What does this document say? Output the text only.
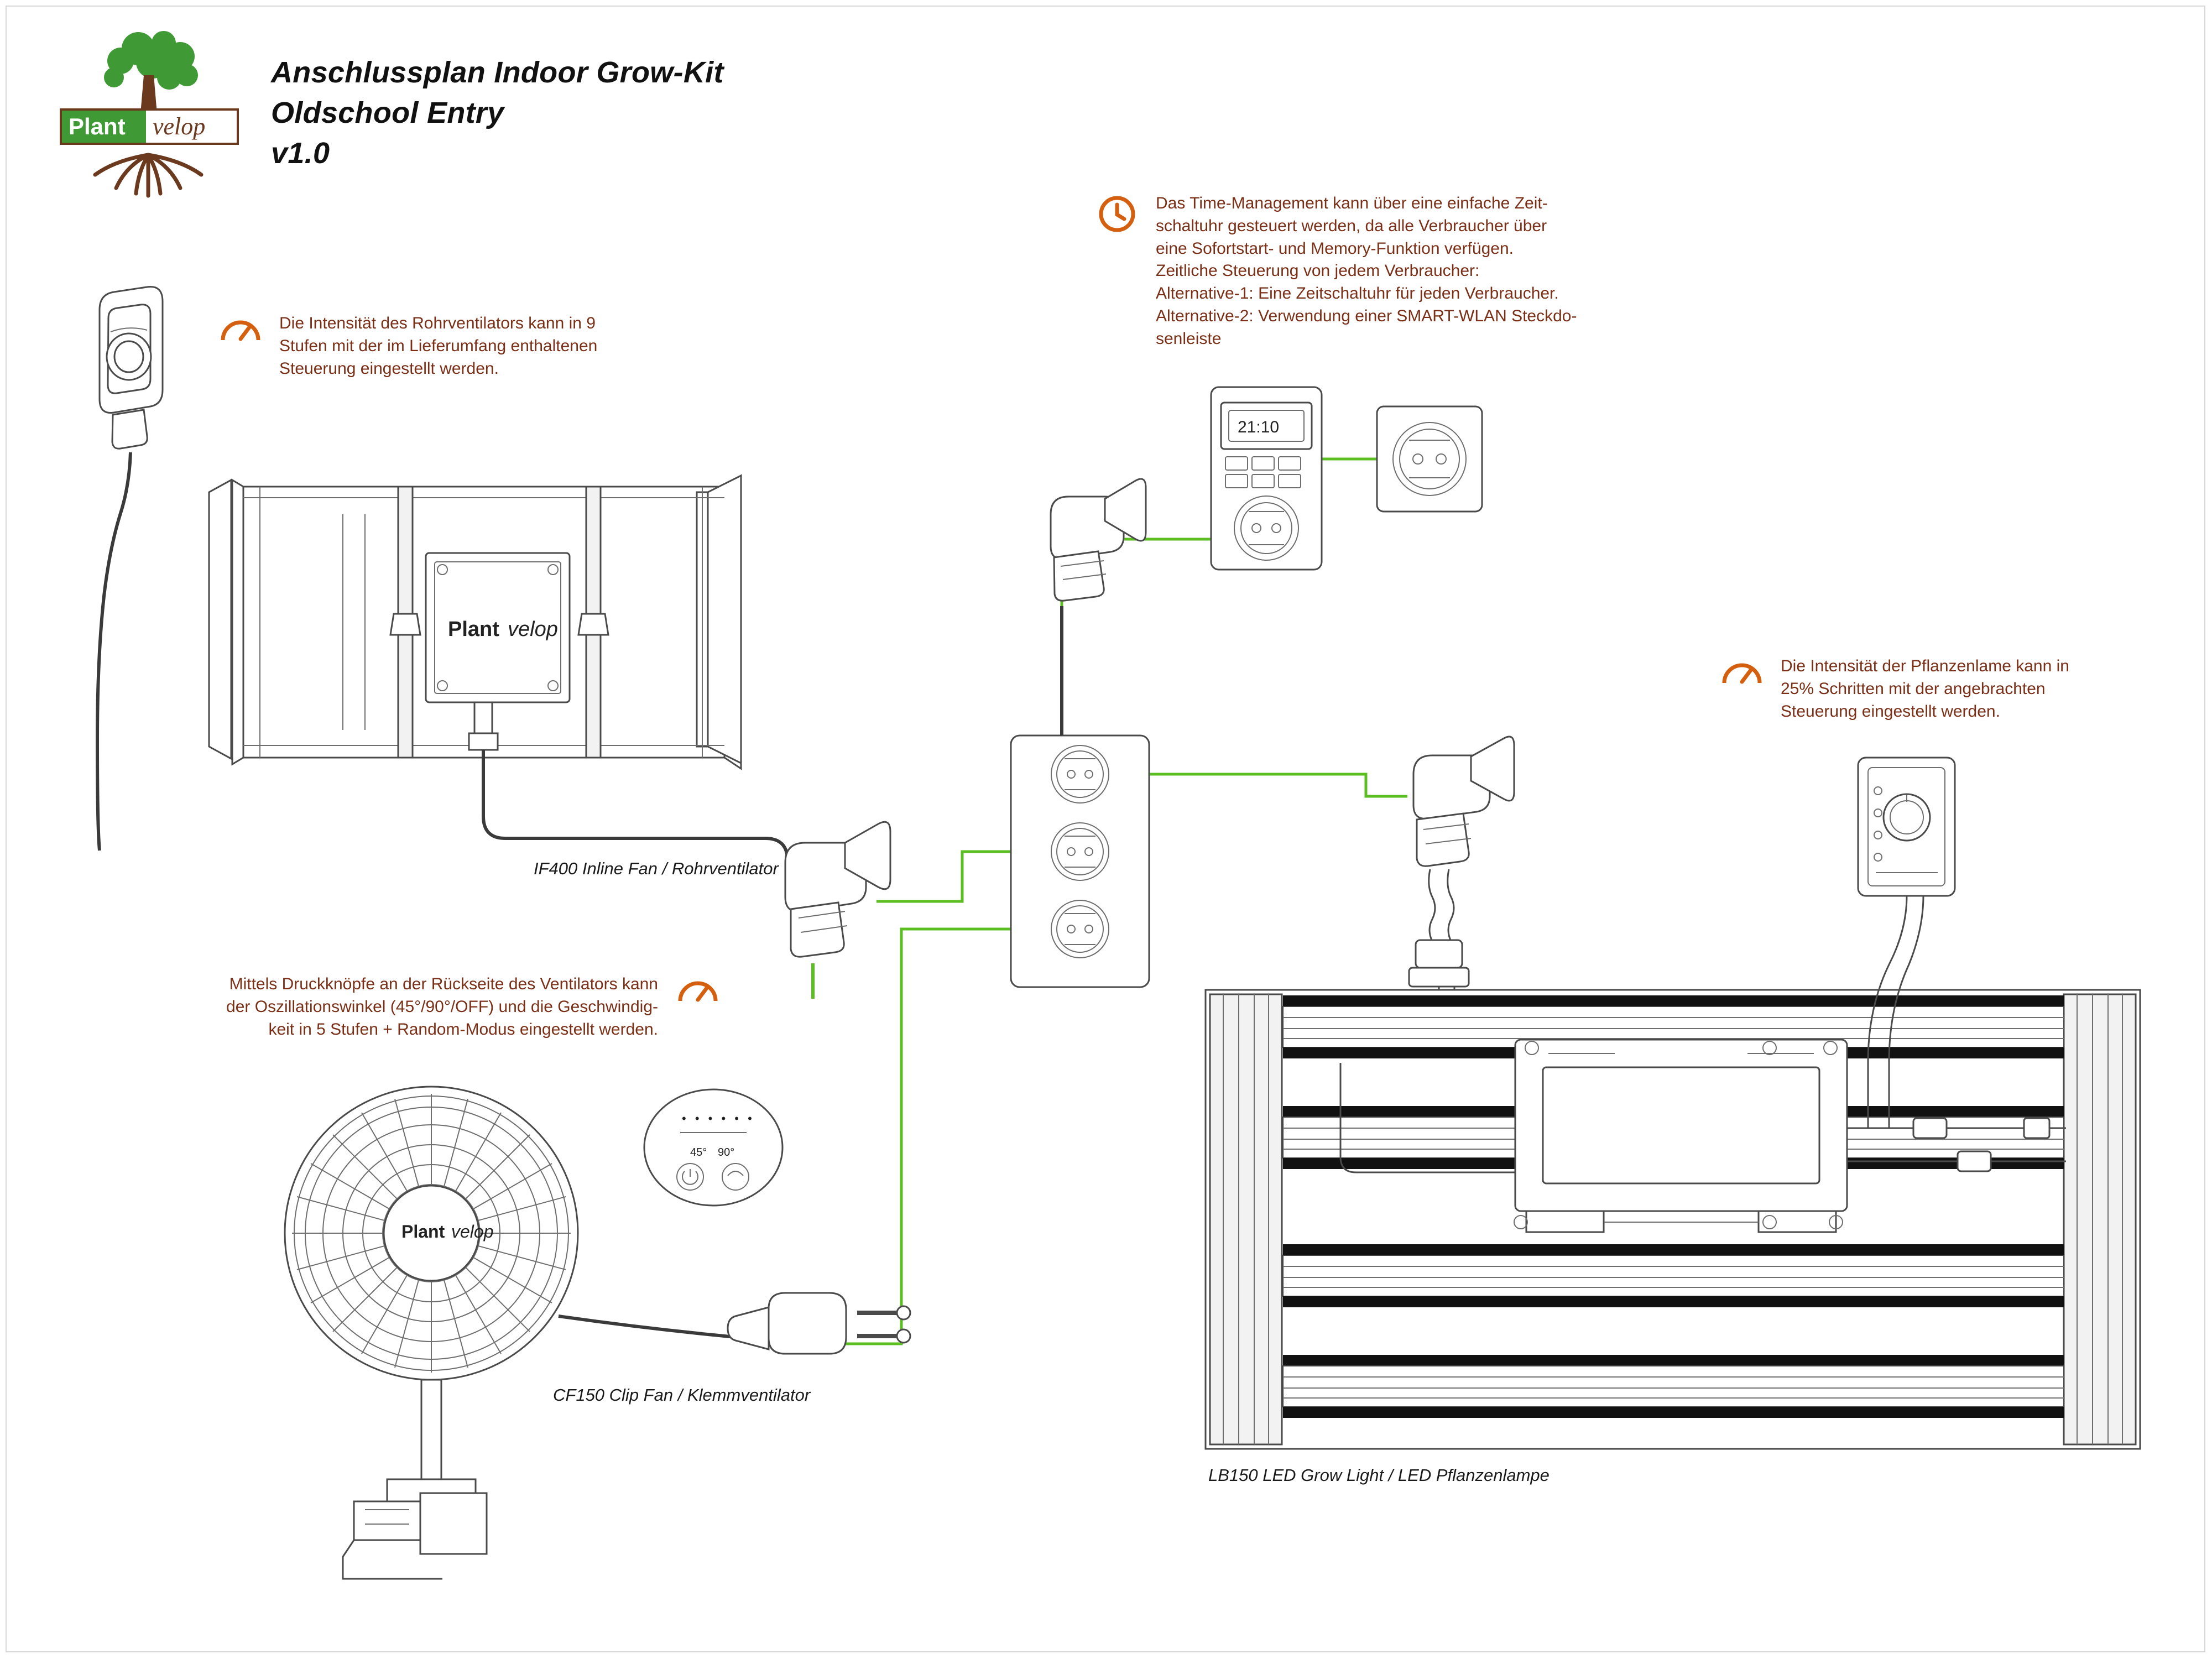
Plant velop
21:10
Plant velop
• • • • • •
45° 90°
Plant velop
Anschlussplan Indoor Grow-Kit
Oldschool Entry
v1.0

Die Intensität des Rohrventilators kann in 9

Stufen mit der im Lieferumfang enthaltenen

Steuerung eingestellt werden.

Das Time-Management kann über eine einfache Zeit-

schaltuhr gesteuert werden, da alle Verbraucher über

eine Sofortstart- und Memory-Funktion verfügen.

Zeitliche Steuerung von jedem Verbraucher:

Alternative-1: Eine Zeitschaltuhr für jeden Verbraucher.

Alternative-2: Verwendung einer SMART-WLAN Steckdo-

senleiste

Die Intensität der Pflanzenlame kann in

25% Schritten mit der angebrachten

Steuerung eingestellt werden.

Mittels Druckknöpfe an der Rückseite des Ventilators kann

der Oszillationswinkel (45°/90°/OFF) und die Geschwindig-

keit in 5 Stufen + Random-Modus eingestellt werden.

IF400 Inline Fan / Rohrventilator
CF150 Clip Fan / Klemmventilator
LB150 LED Grow Light / LED Pflanzenlampe
